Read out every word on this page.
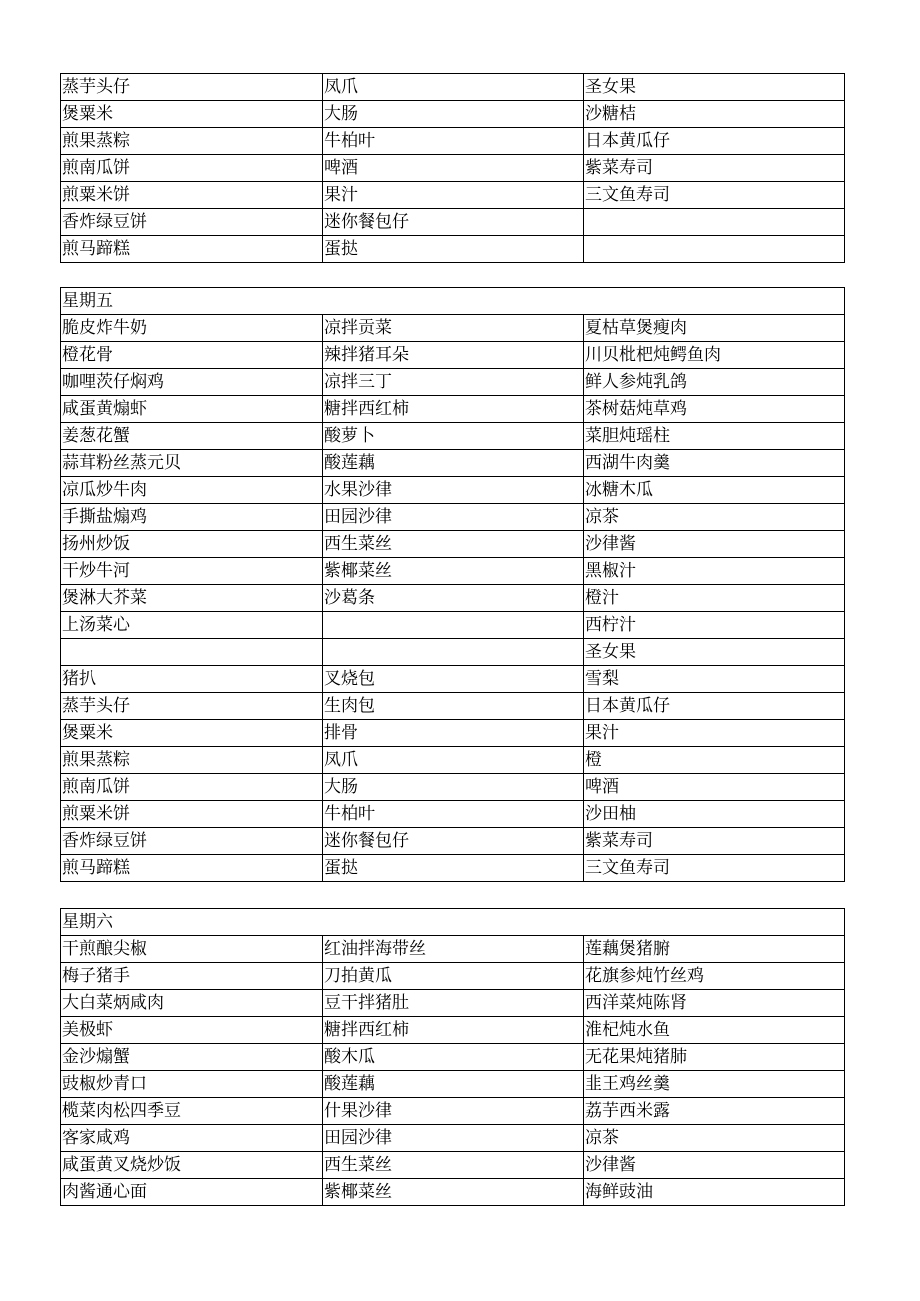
蒸芋头仔	凤爪	圣女果
煲粟米	大肠	沙糖桔
煎果蒸粽	牛柏叶	日本黄瓜仔
煎南瓜饼	啤酒	紫菜寿司
煎粟米饼	果汁	三文鱼寿司
香炸绿豆饼	迷你餐包仔	
煎马蹄糕	蛋挞	
星期五		
脆皮炸牛奶	凉拌贡菜	夏枯草煲瘦肉
橙花骨	辣拌猪耳朵	川贝枇杷炖鳄鱼肉
咖哩茨仔焖鸡	凉拌三丁	鲜人参炖乳鸽
咸蛋黄煽虾	糖拌西红柿	茶树菇炖草鸡
姜葱花蟹	酸萝卜	菜胆炖瑶柱
蒜茸粉丝蒸元贝	酸莲藕	西湖牛肉羹
凉瓜炒牛肉	水果沙律	冰糖木瓜
手撕盐煽鸡	田园沙律	凉茶
扬州炒饭	西生菜丝	沙律酱
干炒牛河	紫椰菜丝	黑椒汁
煲淋大芥菜	沙葛条	橙汁
上汤菜心		西柠汁
		圣女果
猪扒	叉烧包	雪梨
蒸芋头仔	生肉包	日本黄瓜仔
煲粟米	排骨	果汁
煎果蒸粽	凤爪	橙
煎南瓜饼	大肠	啤酒
煎粟米饼	牛柏叶	沙田柚
香炸绿豆饼	迷你餐包仔	紫菜寿司
煎马蹄糕	蛋挞	三文鱼寿司
星期六		
干煎酿尖椒	红油拌海带丝	莲藕煲猪腑
梅子猪手	刀拍黄瓜	花旗参炖竹丝鸡
大白菜炳咸肉	豆干拌猪肚	西洋菜炖陈肾
美极虾	糖拌西红柿	淮杞炖水鱼
金沙煽蟹	酸木瓜	无花果炖猪肺
豉椒炒青口	酸莲藕	韭王鸡丝羹
榄菜肉松四季豆	什果沙律	荔芋西米露
客家咸鸡	田园沙律	凉茶
咸蛋黄叉烧炒饭	西生菜丝	沙律酱
肉酱通心面	紫椰菜丝	海鲜豉油
